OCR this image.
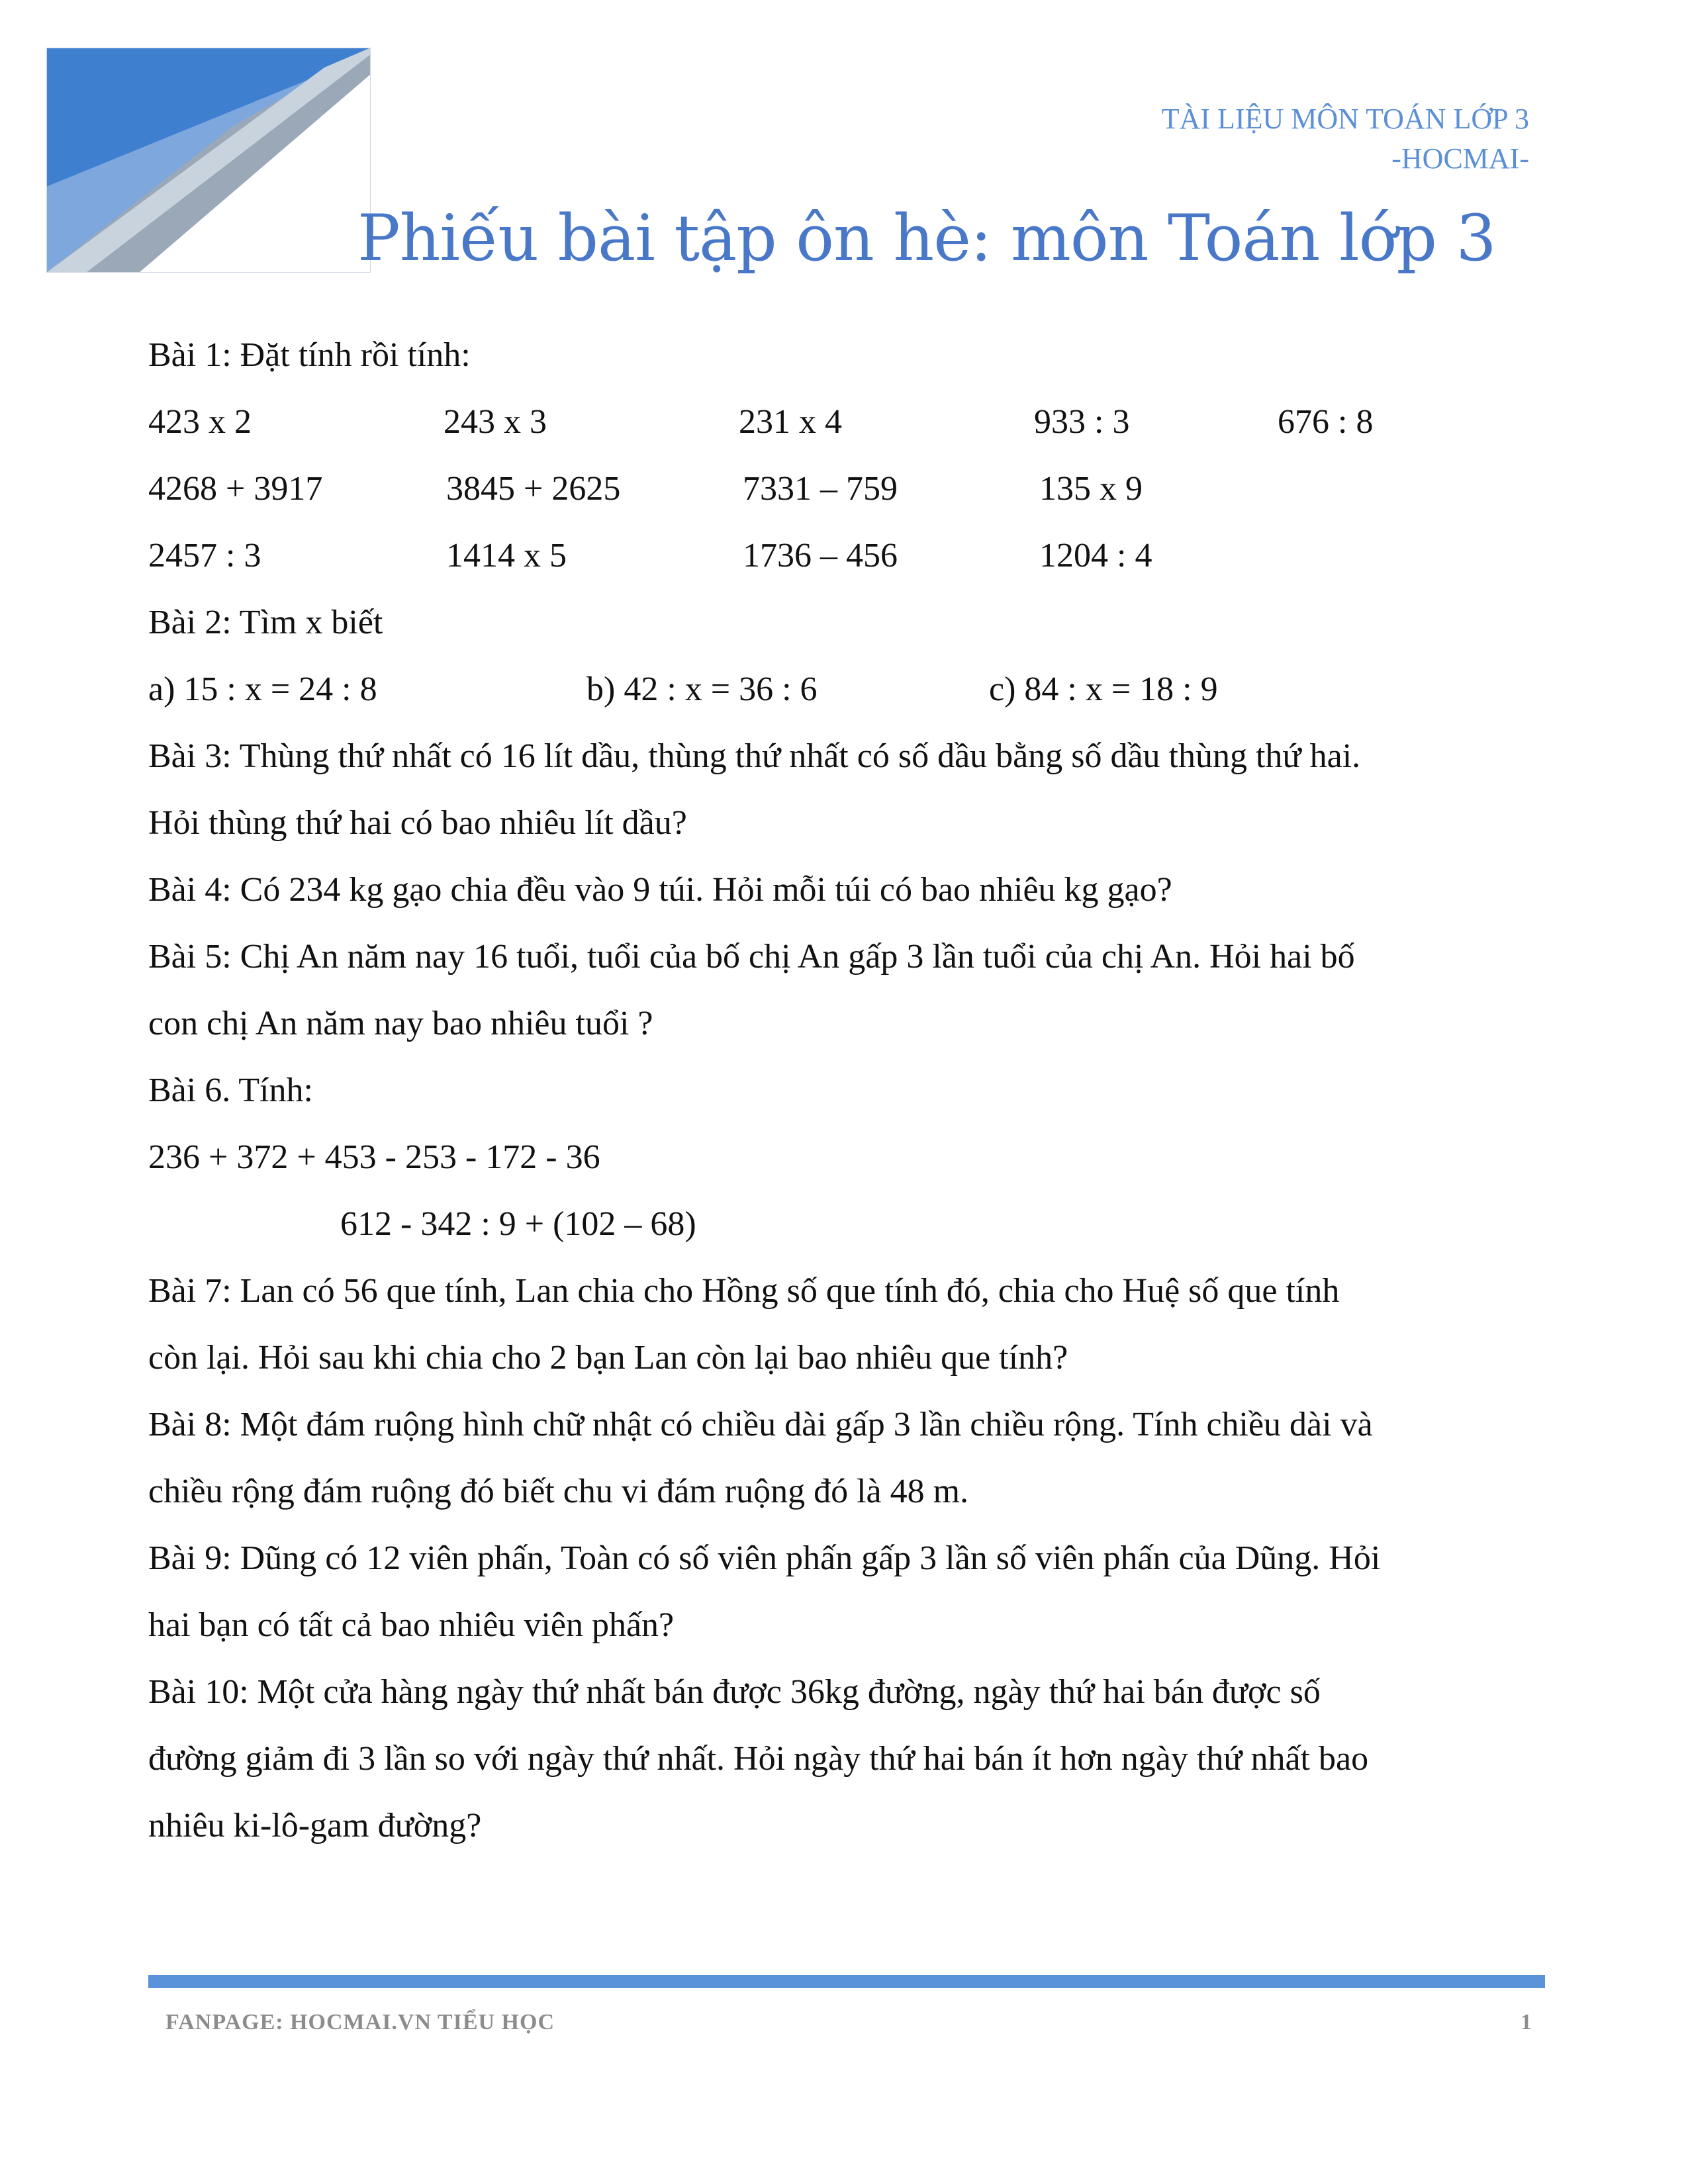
TÀI LIỆU MÔN TOÁN LỚP 3
-HOCMAI-
Phiếu bài tập ôn hè: môn Toán lớp 3
Bài 1: Đặt tính rồi tính:
423 x 2	243 x 3	231 x 4	933 : 3	676 : 8
4268 + 3917	3845 + 2625	7331 – 759	135 x 9
2457 : 3	1414 x 5	1736 – 456	1204 : 4
Bài 2: Tìm x biết
a) 15 : x = 24 : 8	b) 42 : x = 36 : 6	c) 84 : x = 18 : 9
Bài 3: Thùng thứ nhất có 16 lít dầu, thùng thứ nhất có số dầu bằng số dầu thùng thứ hai.
Hỏi thùng thứ hai có bao nhiêu lít dầu?
Bài 4: Có 234 kg gạo chia đều vào 9 túi. Hỏi mỗi túi có bao nhiêu kg gạo?
Bài 5: Chị An năm nay 16 tuổi, tuổi của bố chị An gấp 3 lần tuổi của chị An. Hỏi hai bố
con chị An năm nay bao nhiêu tuổi ?
Bài 6. Tính:
236 + 372 + 453 - 253 - 172 - 36
612 - 342 : 9 + (102 – 68)
Bài 7: Lan có 56 que tính, Lan chia cho Hồng số que tính đó, chia cho Huệ số que tính
còn lại. Hỏi sau khi chia cho 2 bạn Lan còn lại bao nhiêu que tính?
Bài 8: Một đám ruộng hình chữ nhật có chiều dài gấp 3 lần chiều rộng. Tính chiều dài và
chiều rộng đám ruộng đó biết chu vi đám ruộng đó là 48 m.
Bài 9: Dũng có 12 viên phấn, Toàn có số viên phấn gấp 3 lần số viên phấn của Dũng. Hỏi
hai bạn có tất cả bao nhiêu viên phấn?
Bài 10: Một cửa hàng ngày thứ nhất bán được 36kg đường, ngày thứ hai bán được số
đường giảm đi 3 lần so với ngày thứ nhất. Hỏi ngày thứ hai bán ít hơn ngày thứ nhất bao
nhiêu ki-lô-gam đường?
FANPAGE: HOCMAI.VN TIỂU HỌC	1
